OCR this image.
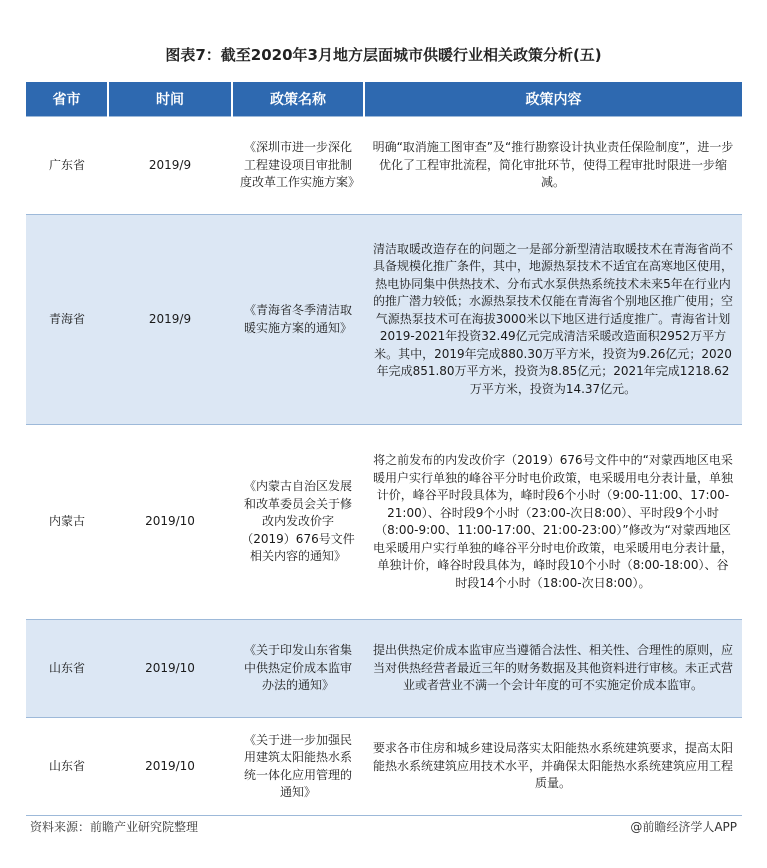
图表7：截至2020年3月地方层面城市供暖行业相关政策分析(五)
省市	时间	政策名称	政策内容
广东省	2019/9	《深圳市进一步深化工程建设项目审批制度改革工作实施方案》	明确“取消施工图审查”及“推行勘察设计执业责任保险制度”，进一步优化了工程审批流程，简化审批环节，使得工程审批时限进一步缩减。
青海省	2019/9	《青海省冬季清洁取暖实施方案的通知》	清洁取暖改造存在的问题之一是部分新型清洁取暖技术在青海省尚不具备规模化推广条件，其中，地源热泵技术不适宜在高寒地区使用，热电协同集中供热技术、分布式水泵供热系统技术未来5年在行业内的推广潜力较低；水源热泵技术仅能在青海省个别地区推广使用；空气源热泵技术可在海拔3000米以下地区进行适度推广。青海省计划2019-2021年投资32.49亿元完成清洁采暖改造面积2952万平方米。其中，2019年完成880.30万平方米，投资为9.26亿元；2020年完成851.80万平方米，投资为8.85亿元；2021年完成1218.62万平方米，投资为14.37亿元。
内蒙古	2019/10	《内蒙古自治区发展和改革委员会关于修改内发改价字（2019）676号文件相关内容的通知》	将之前发布的内发改价字（2019）676号文件中的“对蒙西地区电采暖用户实行单独的峰谷平分时电价政策，电采暖用电分表计量，单独计价，峰谷平时段具体为，峰时段6个小时（9:00-11:00、17:00-21:00）、谷时段9个小时（23:00-次日8:00）、平时段9个小时（8:00-9:00、11:00-17:00、21:00-23:00）”修改为“对蒙西地区电采暖用户实行单独的峰谷平分时电价政策，电采暖用电分表计量，单独计价，峰谷时段具体为，峰时段10个小时（8:00-18:00）、谷时段14个小时（18:00-次日8:00）。
山东省	2019/10	《关于印发山东省集中供热定价成本监审办法的通知》	提出供热定价成本监审应当遵循合法性、相关性、合理性的原则，应当对供热经营者最近三年的财务数据及其他资料进行审核。未正式营业或者营业不满一个会计年度的可不实施定价成本监审。
山东省	2019/10	《关于进一步加强民用建筑太阳能热水系统一体化应用管理的通知》	要求各市住房和城乡建设局落实太阳能热水系统建筑要求，提高太阳能热水系统建筑应用技术水平，并确保太阳能热水系统建筑应用工程质量。
资料来源：前瞻产业研究院整理	@前瞻经济学人APP
